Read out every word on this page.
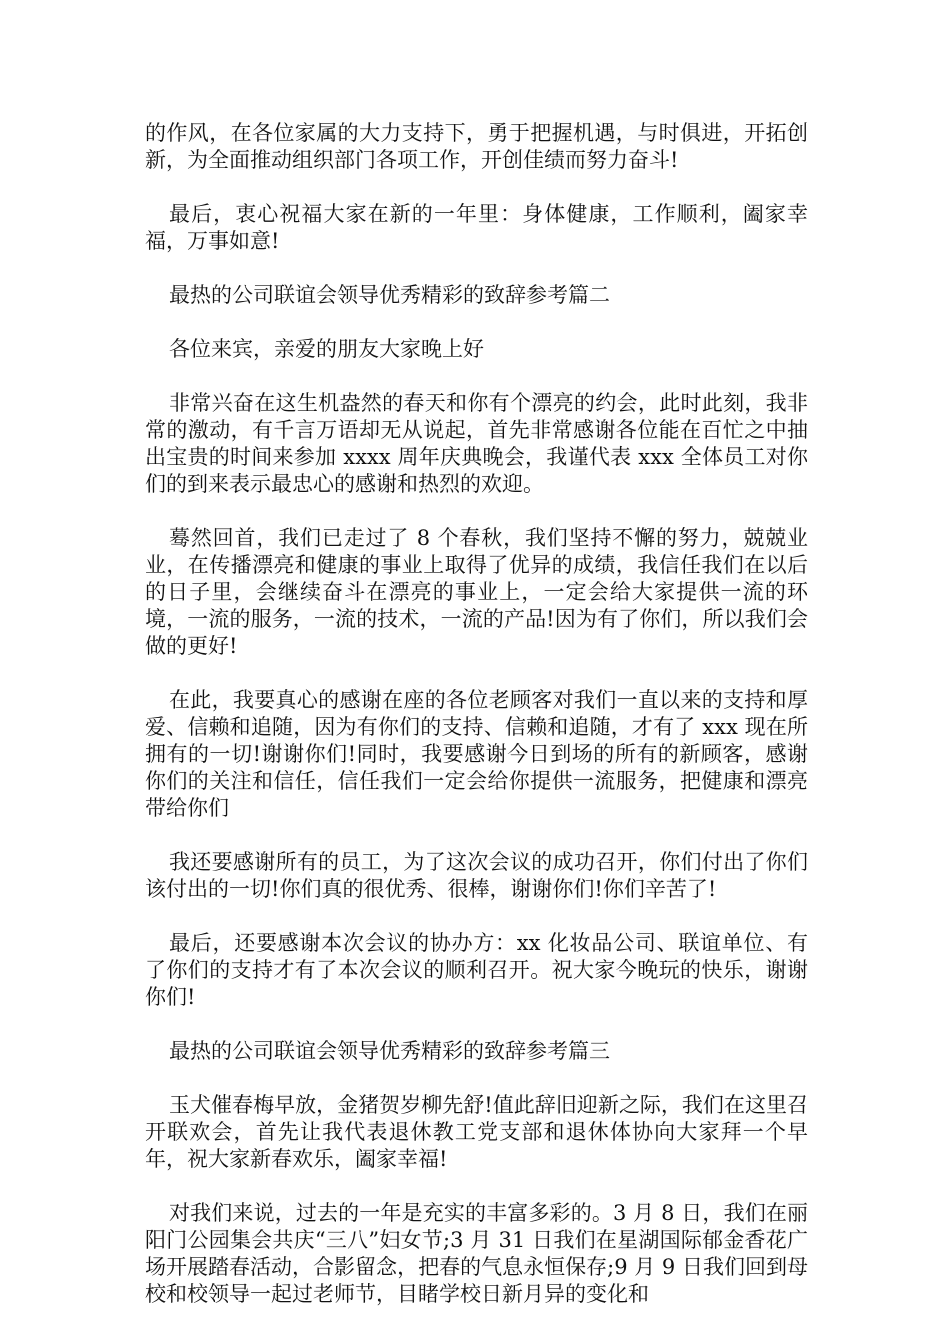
的作风，在各位家属的大力支持下，勇于把握机遇，与时俱进，开拓创新，为全面推动组织部门各项工作，开创佳绩而努力奋斗!

最后，衷心祝福大家在新的一年里：身体健康，工作顺利，阖家幸福，万事如意!

最热的公司联谊会领导优秀精彩的致辞参考篇二

各位来宾，亲爱的朋友大家晚上好

非常兴奋在这生机盎然的春天和你有个漂亮的约会，此时此刻，我非常的激动，有千言万语却无从说起，首先非常感谢各位能在百忙之中抽出宝贵的时间来参加 xxxx 周年庆典晚会，我谨代表 xxx 全体员工对你们的到来表示最忠心的感谢和热烈的欢迎。

蓦然回首，我们已走过了 8 个春秋，我们坚持不懈的努力，兢兢业业，在传播漂亮和健康的事业上取得了优异的成绩，我信任我们在以后的日子里，会继续奋斗在漂亮的事业上，一定会给大家提供一流的环境，一流的服务，一流的技术，一流的产品!因为有了你们，所以我们会做的更好!

在此，我要真心的感谢在座的各位老顾客对我们一直以来的支持和厚爱、信赖和追随，因为有你们的支持、信赖和追随，才有了 xxx 现在所拥有的一切!谢谢你们!同时，我要感谢今日到场的所有的新顾客，感谢你们的关注和信任，信任我们一定会给你提供一流服务，把健康和漂亮带给你们

我还要感谢所有的员工，为了这次会议的成功召开，你们付出了你们该付出的一切!你们真的很优秀、很棒，谢谢你们!你们辛苦了!

最后，还要感谢本次会议的协办方：xx 化妆品公司、联谊单位、有了你们的支持才有了本次会议的顺利召开。祝大家今晚玩的快乐，谢谢你们!

最热的公司联谊会领导优秀精彩的致辞参考篇三

玉犬催春梅早放，金猪贺岁柳先舒!值此辞旧迎新之际，我们在这里召开联欢会，首先让我代表退休教工党支部和退休体协向大家拜一个早年，祝大家新春欢乐，阖家幸福!

对我们来说，过去的一年是充实的丰富多彩的。3 月 8 日，我们在丽阳门公园集会共庆“三八”妇女节;3 月 31 日我们在星湖国际郁金香花广场开展踏春活动，合影留念，把春的气息永恒保存;9 月 9 日我们回到母校和校领导一起过老师节，目睹学校日新月异的变化和
